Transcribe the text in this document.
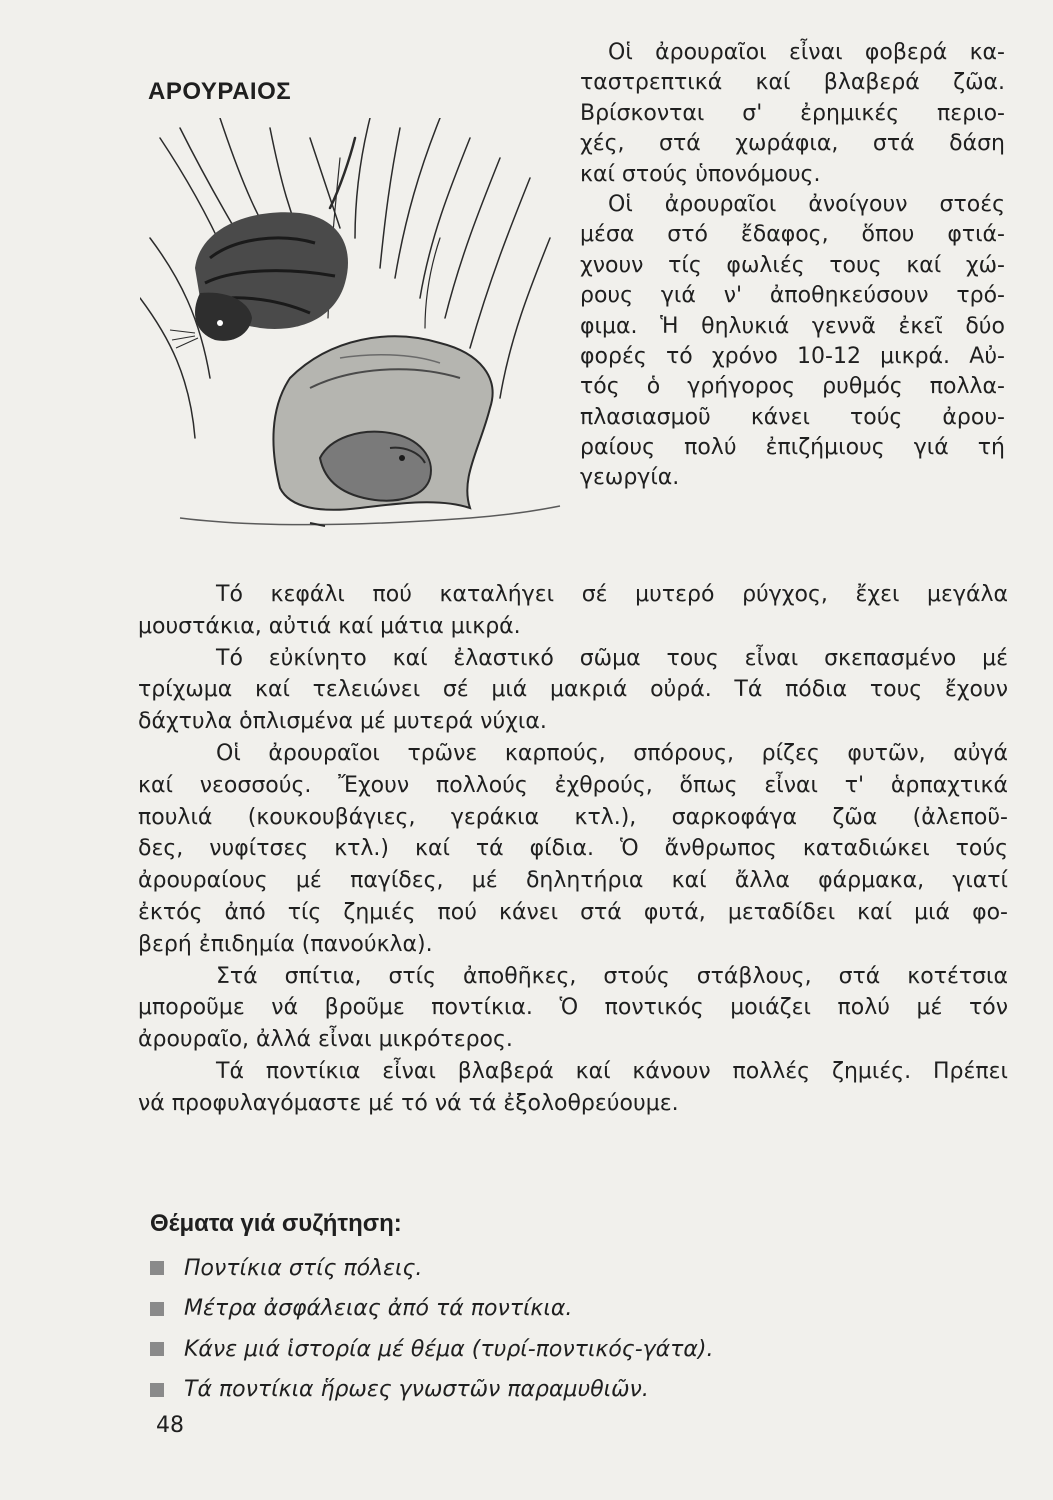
ΑΡΟΥΡΑΙΟΣ
Οἱ ἀρουραῖοι εἶναι φοβερά κα-
ταστρεπτικά καί βλαβερά ζῶα.
Βρίσκονται σ' ἐρημικές περιο-
χές, στά χωράφια, στά δάση
καί στούς ὑπονόμους.
Οἱ ἀρουραῖοι ἀνοίγουν στοές
μέσα στό ἔδαφος, ὅπου φτιά-
χνουν τίς φωλιές τους καί χώ-
ρους γιά ν' ἀποθηκεύσουν τρό-
φιμα. Ἡ θηλυκιά γεννᾶ ἐκεῖ δύο
φορές τό χρόνο 10-12 μικρά. Αὐ-
τός ὁ γρήγορος ρυθμός πολλα-
πλασιασμοῦ κάνει τούς ἀρου-
ραίους πολύ ἐπιζήμιους γιά τή
γεωργία.
Τό κεφάλι πού καταλήγει σέ μυτερό ρύγχος, ἔχει μεγάλα
μουστάκια, αὐτιά καί μάτια μικρά.
Τό εὐκίνητο καί ἐλαστικό σῶμα τους εἶναι σκεπασμένο μέ
τρίχωμα καί τελειώνει σέ μιά μακριά οὐρά. Τά πόδια τους ἔχουν
δάχτυλα ὁπλισμένα μέ μυτερά νύχια.
Οἱ ἀρουραῖοι τρῶνε καρπούς, σπόρους, ρίζες φυτῶν, αὐγά
καί νεοσσούς. Ἔχουν πολλούς ἐχθρούς, ὅπως εἶναι τ' ἁρπαχτικά
πουλιά (κουκουβάγιες, γεράκια κτλ.), σαρκοφάγα ζῶα (ἀλεποῦ-
δες, νυφίτσες κτλ.) καί τά φίδια. Ὁ ἄνθρωπος καταδιώκει τούς
ἀρουραίους μέ παγίδες, μέ δηλητήρια καί ἄλλα φάρμακα, γιατί
ἐκτός ἀπό τίς ζημιές πού κάνει στά φυτά, μεταδίδει καί μιά φο-
βερή ἐπιδημία (πανούκλα).
Στά σπίτια, στίς ἀποθῆκες, στούς στάβλους, στά κοτέτσια
μποροῦμε νά βροῦμε ποντίκια. Ὁ ποντικός μοιάζει πολύ μέ τόν
ἀρουραῖο, ἀλλά εἶναι μικρότερος.
Τά ποντίκια εἶναι βλαβερά καί κάνουν πολλές ζημιές. Πρέπει
νά προφυλαγόμαστε μέ τό νά τά ἐξολοθρεύουμε.
Θέματα γιά συζήτηση:
Ποντίκια στίς πόλεις.
Μέτρα ἀσφάλειας ἀπό τά ποντίκια.
Κάνε μιά ἱστορία μέ θέμα (τυρί-ποντικός-γάτα).
Τά ποντίκια ἥρωες γνωστῶν παραμυθιῶν.
48
